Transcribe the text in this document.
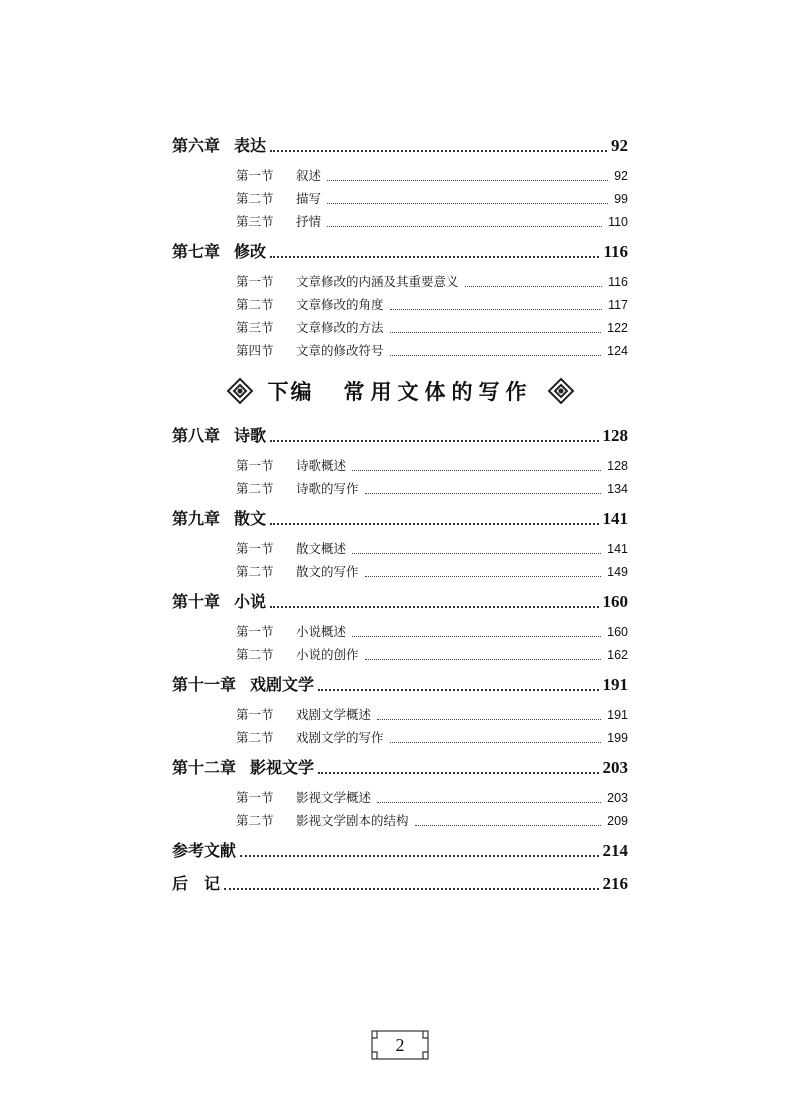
第六章 表达	92
第一节	叙述	92
第二节	描写	99
第三节	抒情	110
第七章 修改	116
第一节	文章修改的内涵及其重要意义	116
第二节	文章修改的角度	117
第三节	文章修改的方法	122
第四节	文章的修改符号	124
下编 常用文体的写作
第八章 诗歌	128
第一节	诗歌概述	128
第二节	诗歌的写作	134
第九章 散文	141
第一节	散文概述	141
第二节	散文的写作	149
第十章 小说	160
第一节	小说概述	160
第二节	小说的创作	162
第十一章 戏剧文学	191
第一节	戏剧文学概述	191
第二节	戏剧文学的写作	199
第十二章 影视文学	203
第一节	影视文学概述	203
第二节	影视文学剧本的结构	209
参考文献	214
后　记	216
2
